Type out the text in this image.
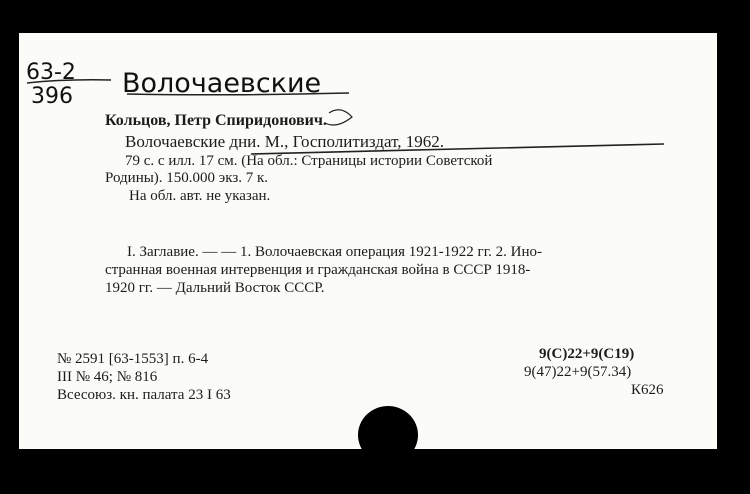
63-2
396 Волочаевские
Кольцов, Петр Спиридонович.
Волочаевские дни. М., Госполитиздат, 1962.
79 с. с илл. 17 см. (На обл.: Страницы истории Советской
Родины). 150.000 экз. 7 к.
На обл. авт. не указан.
I. Заглавие. — — 1. Волочаевская операция 1921-1922 гг. 2. Ино-
странная военная интервенция и гражданская война в СССР 1918-
1920 гг. — Дальний Восток СССР.
№ 2591 [63-1553] п. 6-4
III № 46; № 816
Всесоюз. кн. палата 23 I 63
9(С)22+9(С19)
9(47)22+9(57.34)
К626
